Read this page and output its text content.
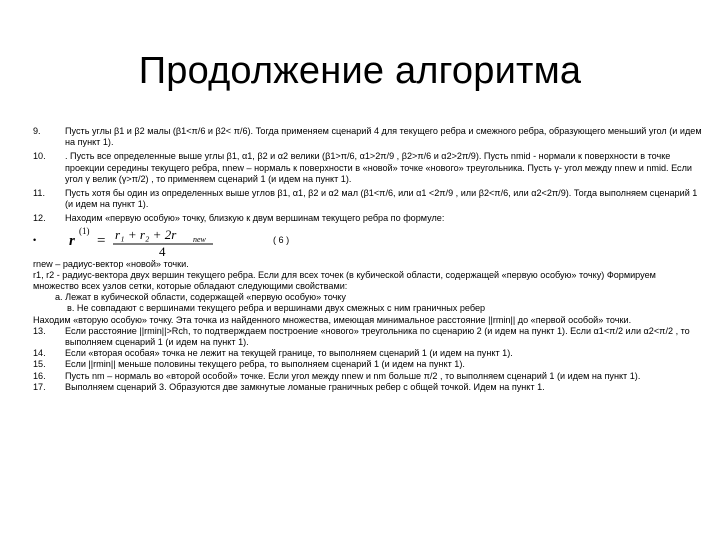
Продолжение алгоритма
9.	Пусть углы β1 и β2 малы (β1<π/6 и β2< π/6). Тогда применяем сценарий 4 для текущего ребра и смежного ребра, образующего меньший угол (и идем на пункт 1).
10.	. Пусть все определенные выше углы β1, α1, β2 и α2 велики (β1>π/6, α1>2π/9 , β2>π/6 и α2>2π/9). Пусть nmid - нормали к поверхности в точке проекции середины текущего ребра, nnew – нормаль к поверхности в «новой» точке «нового» треугольника. Пусть γ- угол между nnew и nmid. Если угол γ велик (γ>π/2) , то применяем сценарий 1 (и идем на пункт 1).
11.	Пусть хотя бы один из определенных выше углов β1, α1, β2 и α2 мал (β1<π/6, или α1 <2π/9 , или β2<π/6, или α2<2π/9). Тогда выполняем сценарий 1 (и идем на пункт 1).
12.	Находим «первую особую» точку, близкую к двум вершинам текущего ребра по формуле:
• r
(1)
= r₁ + r₂ + 2r new
4
( 6 )
rnew – радиус-вектор «новой» точки.
r1, r2 - радиус-вектора двух вершин текущего ребра. Если для всех точек (в кубической области, содержащей «первую особую» точку) Формируем множество всех узлов сетки, которые обладают следующими свойствами:
а. Лежат в кубической области, содержащей «первую особую» точку
в. Не совпадают с вершинами текущего ребра и вершинами двух смежных с ним граничных ребер
Находим «вторую особую» точку. Эта точка из найденного множества, имеющая минимальное расстояние ||rmin|| до «первой особой» точки.
13.	Если расстояние ||rmin||>Rch, то подтверждаем построение «нового» треугольника по сценарию 2 (и идем на пункт 1). Если α1<π/2 или α2<π/2 , то выполняем сценарий 1 (и идем на пункт 1).
14.	Если «вторая особая» точка не лежит на текущей границе, то выполняем сценарий 1 (и идем на пункт 1).
15.	Если ||rmin|| меньше половины текущего ребра, то выполняем сценарий 1 (и идем на пункт 1).
16.	Пусть nm – нормаль во «второй особой» точке. Если угол между nnew и nm больше π/2 , то выполняем сценарий 1 (и идем на пункт 1).
17.	Выполняем сценарий 3. Образуются две замкнутые ломаные граничных ребер с общей точкой. Идем на пункт 1.
